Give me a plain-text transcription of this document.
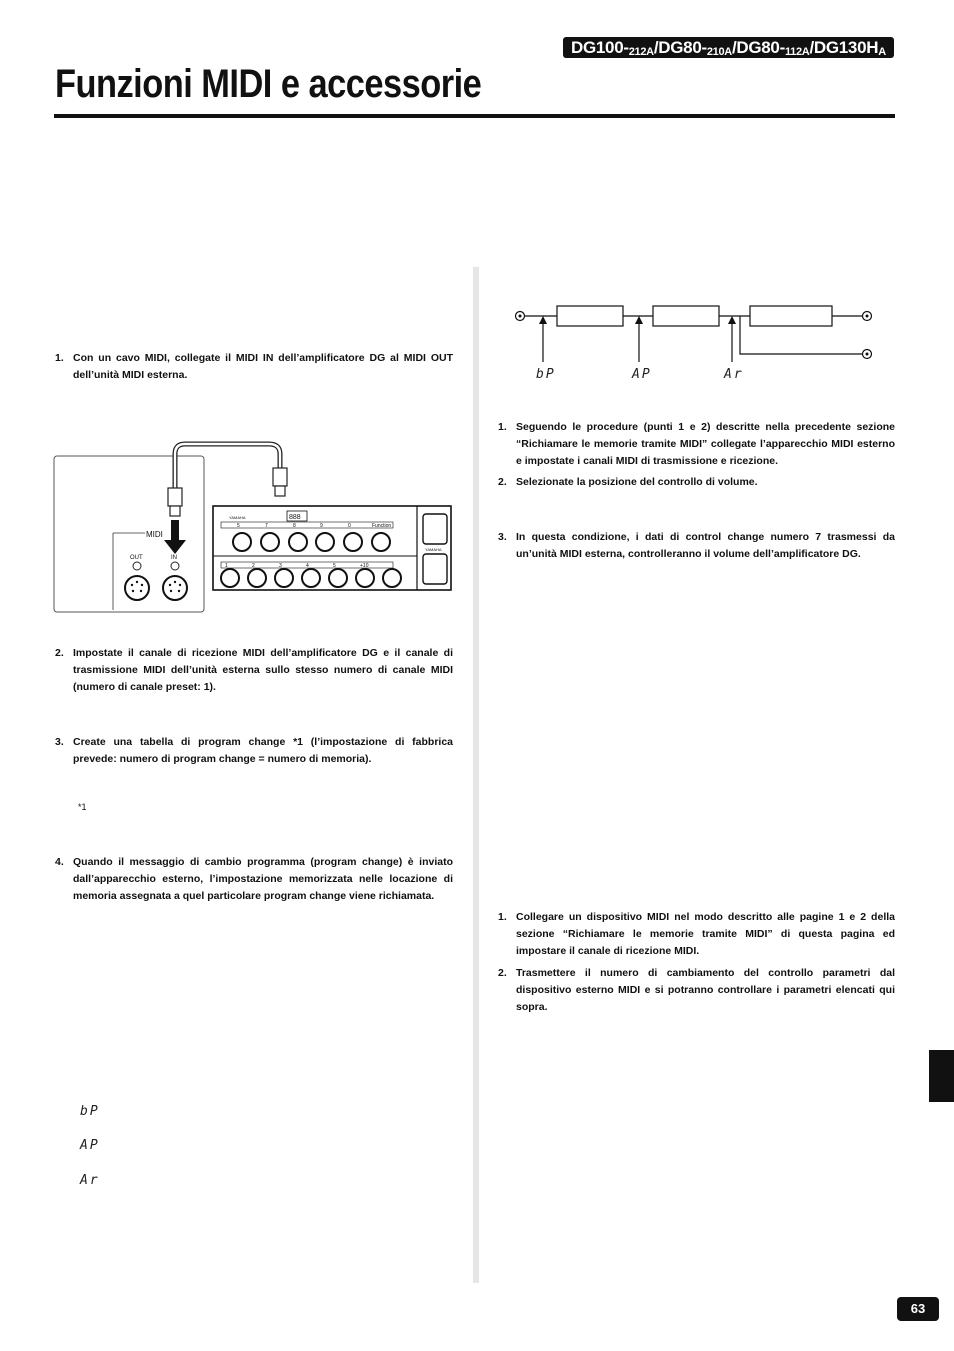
$DG100-_{212A}/DG80-_{210A}/DG80-_{112A}/DG130H_A$
Funzioni MIDI e accessorie
1. Con un cavo MIDI, collegate il MIDI IN dell’amplificatore DG al MIDI OUT dell’unità MIDI esterna.
MIDI
OUT	IN
YAMAHA	888
5	7	8	9	0	Function
1	2	3	4	5	+10
YAMAHA
2. Impostate il canale di ricezione MIDI dell’amplificatore DG e il canale di trasmissione MIDI dell’unità esterna sullo stesso numero di canale MIDI (numero di canale preset: 1).
3. Create una tabella di program change *1 (l’impostazione di fabbrica prevede: numero di program change = numero di memoria).
*1
4. Quando il messaggio di cambio programma (program change) è inviato dall’apparecchio esterno, l’impostazione memorizzata nelle locazione di memoria assegnata a quel particolare program change viene richiamata.
bP
AP
Ar
bP	AP	Ar
1. Seguendo le procedure (punti 1 e 2) descritte nella precedente sezione “Richiamare le memorie tramite MIDI” collegate l’apparecchio MIDI esterno e impostate i canali MIDI di trasmissione e ricezione.
2. Selezionate la posizione del controllo di volume.
3. In questa condizione, i dati di control change numero 7 trasmessi da un’unità MIDI esterna, controlleranno il volume dell’amplificatore DG.
1. Collegare un dispositivo MIDI nel modo descritto alle pagine 1 e 2 della sezione “Richiamare le memorie tramite MIDI” di questa pagina ed impostare il canale di ricezione MIDI.
2. Trasmettere il numero di cambiamento del controllo parametri dal dispositivo esterno MIDI e si potranno controllare i parametri elencati qui sopra.
63
